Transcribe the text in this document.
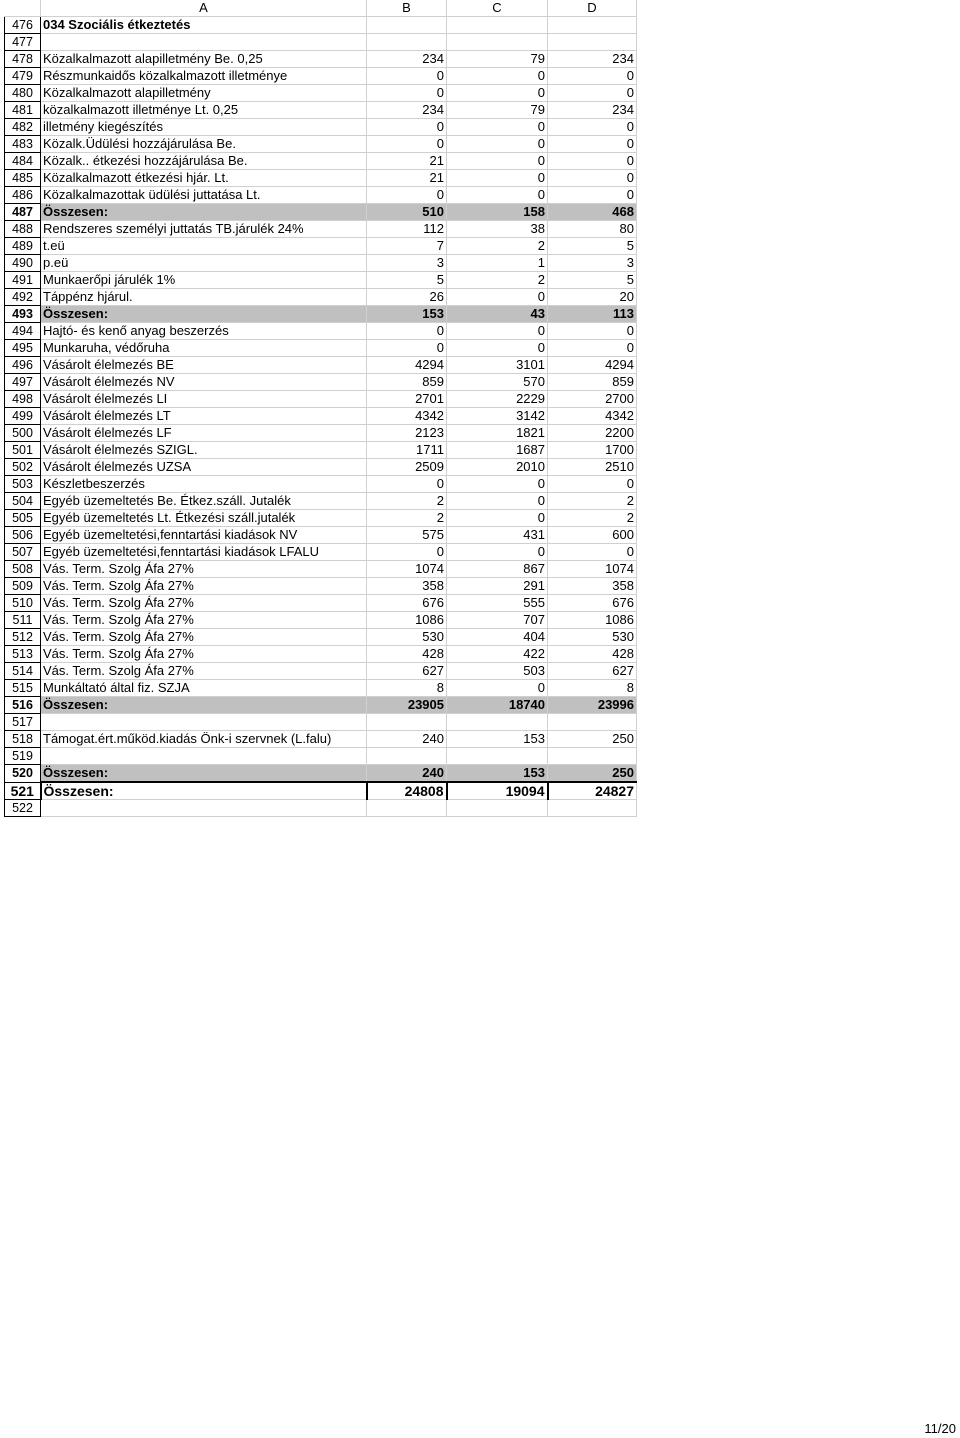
	A	B	C	D
476	034 Szociális étkeztetés			
477				
478	Közalkalmazott alapilletmény Be. 0,25	234	79	234
479	Részmunkaidős közalkalmazott illetménye	0	0	0
480	Közalkalmazott alapilletmény	0	0	0
481	közalkalmazott illetménye Lt. 0,25	234	79	234
482	illetmény kiegészítés	0	0	0
483	Közalk.Üdülési hozzájárulása Be.	0	0	0
484	Közalk.. étkezési hozzájárulása Be.	21	0	0
485	Közalkalmazott étkezési hjár. Lt.	21	0	0
486	Közalkalmazottak üdülési juttatása Lt.	0	0	0
487	Összesen:	510	158	468
488	Rendszeres személyi juttatás TB.járulék 24%	112	38	80
489	t.eü	7	2	5
490	p.eü	3	1	3
491	Munkaerőpi járulék 1%	5	2	5
492	Táppénz hjárul.	26	0	20
493	Összesen:	153	43	113
494	Hajtó- és kenő anyag beszerzés	0	0	0
495	Munkaruha, védőruha	0	0	0
496	Vásárolt élelmezés BE	4294	3101	4294
497	Vásárolt élelmezés NV	859	570	859
498	Vásárolt élelmezés LI	2701	2229	2700
499	Vásárolt élelmezés LT	4342	3142	4342
500	Vásárolt élelmezés LF	2123	1821	2200
501	Vásárolt élelmezés SZIGL.	1711	1687	1700
502	Vásárolt élelmezés UZSA	2509	2010	2510
503	Készletbeszerzés	0	0	0
504	Egyéb üzemeltetés Be. Étkez.száll. Jutalék	2	0	2
505	Egyéb üzemeltetés Lt. Étkezési száll.jutalék	2	0	2
506	Egyéb üzemeltetési,fenntartási kiadások NV	575	431	600
507	Egyéb üzemeltetési,fenntartási kiadások LFALU	0	0	0
508	Vás. Term. Szolg Áfa 27%	1074	867	1074
509	Vás. Term. Szolg Áfa 27%	358	291	358
510	Vás. Term. Szolg Áfa 27%	676	555	676
511	Vás. Term. Szolg Áfa 27%	1086	707	1086
512	Vás. Term. Szolg Áfa 27%	530	404	530
513	Vás. Term. Szolg Áfa 27%	428	422	428
514	Vás. Term. Szolg Áfa 27%	627	503	627
515	Munkáltató által fiz. SZJA	8	0	8
516	Összesen:	23905	18740	23996
517				
518	Támogat.ért.működ.kiadás Önk-i szervnek (L.falu)	240	153	250
519				
520	Összesen:	240	153	250
521	Összesen:	24808	19094	24827
522				
11/20
